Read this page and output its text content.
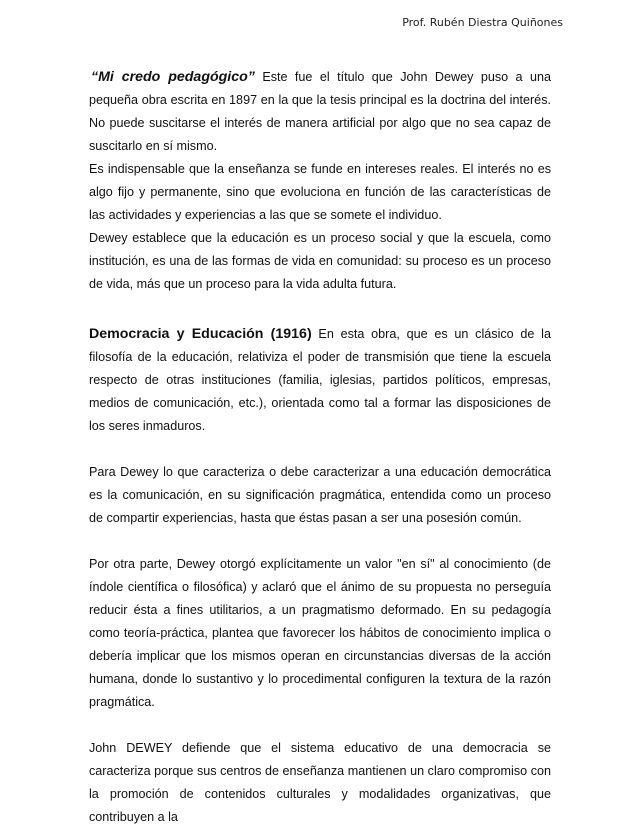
Prof. Rubén Diestra Quiñones

“Mi credo pedagógico” Este fue el título que John Dewey puso a una pequeña obra escrita en 1897 en la que la tesis principal es la doctrina del interés. No puede suscitarse el interés de manera artificial por algo que no sea capaz de suscitarlo en sí mismo.

Es indispensable que la enseñanza se funde en intereses reales. El interés no es algo fijo y permanente, sino que evoluciona en función de las características de las actividades y experiencias a las que se somete el individuo.

Dewey establece que la educación es un proceso social y que la escuela, como institución, es una de las formas de vida en comunidad: su proceso es un proceso de vida, más que un proceso para la vida adulta futura.

Democracia y Educación (1916) En esta obra, que es un clásico de la filosofía de la educación, relativiza el poder de transmisión que tiene la escuela respecto de otras instituciones (familia, iglesias, partidos políticos, empresas, medios de comunicación, etc.), orientada como tal a formar las disposiciones de los seres inmaduros.

Para Dewey lo que caracteriza o debe caracterizar a una educación democrática es la comunicación, en su significación pragmática, entendida como un proceso de compartir experiencias, hasta que éstas pasan a ser una posesión común.

Por otra parte, Dewey otorgó explícitamente un valor "en sí" al conocimiento (de índole científica o filosófica) y aclaró que el ánimo de su propuesta no perseguía reducir ésta a fines utilitarios, a un pragmatismo deformado. En su pedagogía como teoría-práctica, plantea que favorecer los hábitos de conocimiento implica o debería implicar que los mismos operan en circunstancias diversas de la acción humana, donde lo sustantivo y lo procedimental configuren la textura de la razón pragmática.

John DEWEY defiende que el sistema educativo de una democracia se caracteriza porque sus centros de enseñanza mantienen un claro compromiso con la promoción de contenidos culturales y modalidades organizativas, que contribuyen a la
